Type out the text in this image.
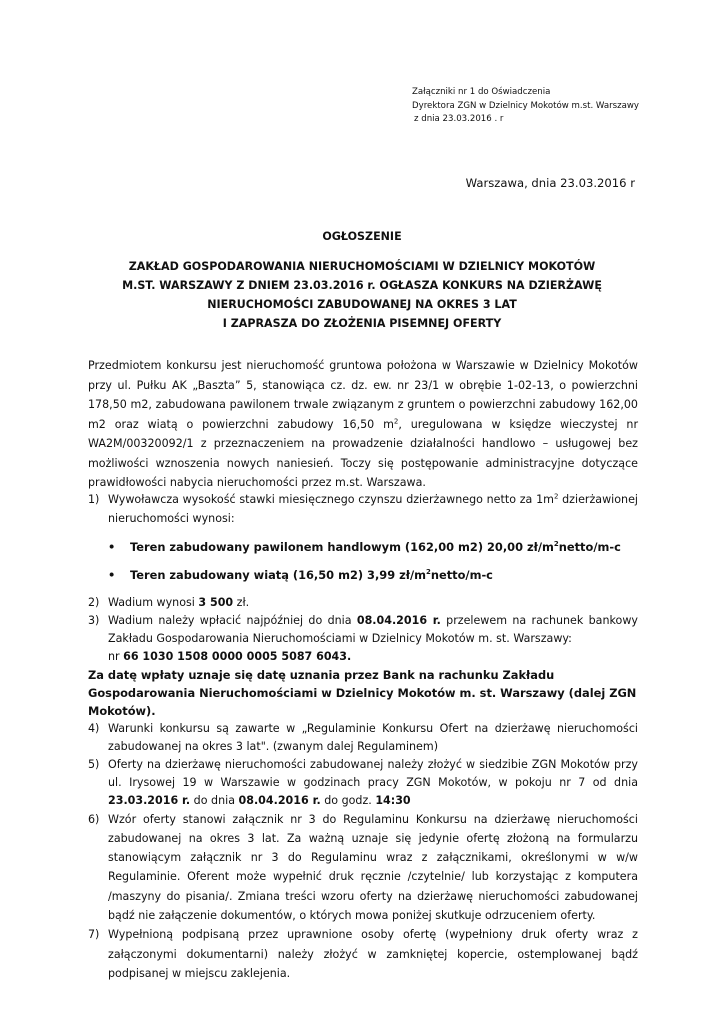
Załączniki nr 1 do Oświadczenia
Dyrektora ZGN w Dzielnicy Mokotów m.st. Warszawy
z dnia 23.03.2016 . r
Warszawa, dnia 23.03.2016 r
OGŁOSZENIE
ZAKŁAD GOSPODAROWANIA NIERUCHOMOŚCIAMI W DZIELNICY MOKOTÓW
M.ST. WARSZAWY Z DNIEM 23.03.2016 r. OGŁASZA KONKURS NA DZIERŻAWĘ
NIERUCHOMOŚCI ZABUDOWANEJ NA OKRES 3 LAT
I ZAPRASZA DO ZŁOŻENIA PISEMNEJ OFERTY
Przedmiotem konkursu jest nieruchomość gruntowa położona w Warszawie w Dzielnicy Mokotów przy ul. Pułku AK „Baszta” 5, stanowiąca cz. dz. ew. nr 23/1 w obrębie 1-02-13, o powierzchni 178,50 m2, zabudowana pawilonem trwale związanym z gruntem o powierzchni zabudowy 162,00 m2 oraz wiatą o powierzchni zabudowy 16,50 $m^2$, uregulowana w księdze wieczystej nr WA2M/00320092/1 z przeznaczeniem na prowadzenie działalności handlowo – usługowej bez możliwości wznoszenia nowych naniesień. Toczy się postępowanie administracyjne dotyczące prawidłowości nabycia nieruchomości przez m.st. Warszawa.
1) Wywoławcza wysokość stawki miesięcznego czynszu dzierżawnego netto za $1m^2$ dzierżawionej nieruchomości wynosi:
• Teren zabudowany pawilonem handlowym (162,00 m2) 20,00 $zł/m^2netto/m-c$
• Teren zabudowany wiatą (16,50 m2) 3,99 $zł/m^2netto/m-c$
2) Wadium wynosi 3 500 zł.
3) Wadium należy wpłacić najpóźniej do dnia 08.04.2016 r. przelewem na rachunek bankowy Zakładu Gospodarowania Nieruchomościami w Dzielnicy Mokotów m. st. Warszawy:
nr 66 1030 1508 0000 0005 5087 6043.

Za datę wpłaty uznaje się datę uznania przez Bank na rachunku Zakładu Gospodarowania Nieruchomościami w Dzielnicy Mokotów m. st. Warszawy (dalej ZGN Mokotów).

4) Warunki konkursu są zawarte w „Regulaminie Konkursu Ofert na dzierżawę nieruchomości zabudowanej na okres 3 lat". (zwanym dalej Regulaminem)
5) Oferty na dzierżawę nieruchomości zabudowanej należy złożyć w siedzibie ZGN Mokotów przy ul. Irysowej 19 w Warszawie w godzinach pracy ZGN Mokotów, w pokoju nr 7 od dnia 23.03.2016 r. do dnia 08.04.2016 r. do godz. 14:30
6) Wzór oferty stanowi załącznik nr 3 do Regulaminu Konkursu na dzierżawę nieruchomości zabudowanej na okres 3 lat. Za ważną uznaje się jedynie ofertę złożoną na formularzu stanowiącym załącznik nr 3 do Regulaminu wraz z załącznikami, określonymi w w/w Regulaminie. Oferent może wypełnić druk ręcznie /czytelnie/ lub korzystając z komputera /maszyny do pisania/. Zmiana treści wzoru oferty na dzierżawę nieruchomości zabudowanej bądź nie załączenie dokumentów, o których mowa poniżej skutkuje odrzuceniem oferty.
7) Wypełnioną podpisaną przez uprawnione osoby ofertę (wypełniony druk oferty wraz z załączonymi dokumentarni) należy złożyć w zamkniętej kopercie, ostemplowanej bądź podpisanej w miejscu zaklejenia.
